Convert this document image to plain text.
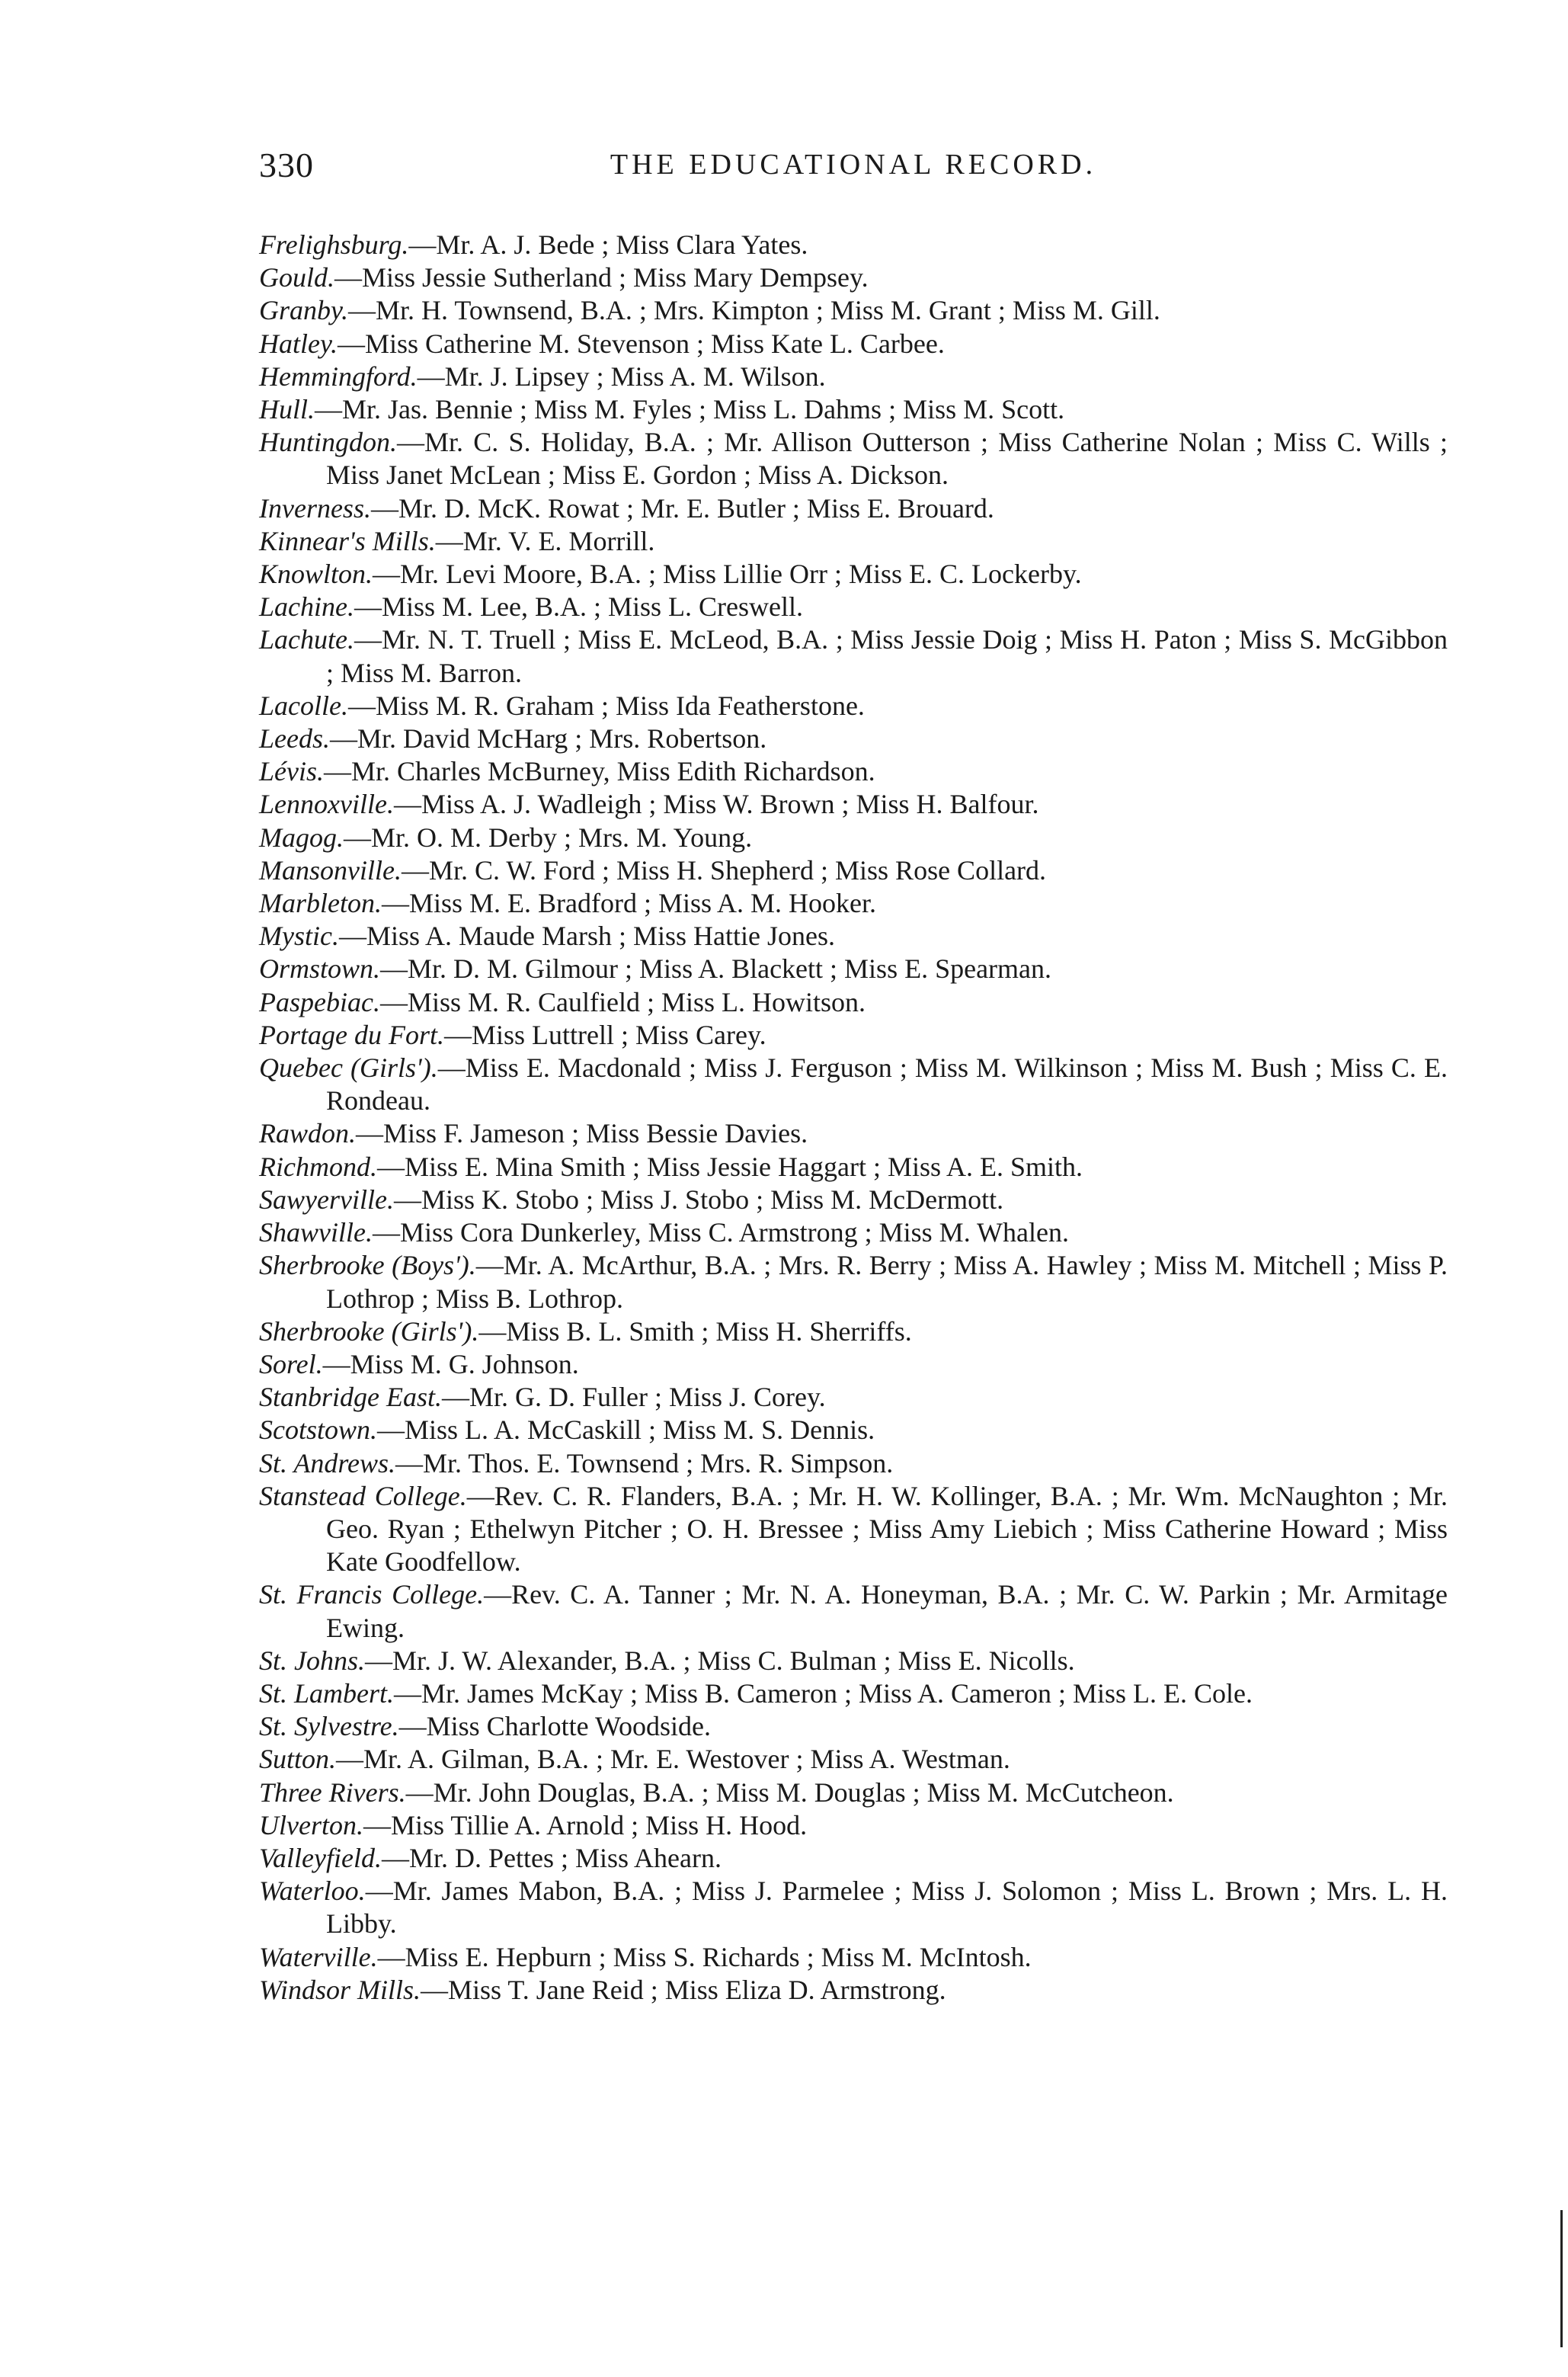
330	THE EDUCATIONAL RECORD.
Frelighsburg.—Mr. A. J. Bede ; Miss Clara Yates.
Gould.—Miss Jessie Sutherland ; Miss Mary Dempsey.
Granby.—Mr. H. Townsend, B.A. ; Mrs. Kimpton ; Miss M. Grant ; Miss M. Gill.
Hatley.—Miss Catherine M. Stevenson ; Miss Kate L. Carbee.
Hemmingford.—Mr. J. Lipsey ; Miss A. M. Wilson.
Hull.—Mr. Jas. Bennie ; Miss M. Fyles ; Miss L. Dahms ; Miss M. Scott.
Huntingdon.—Mr. C. S. Holiday, B.A. ; Mr. Allison Outterson ; Miss Catherine Nolan ; Miss C. Wills ; Miss Janet McLean ; Miss E. Gordon ; Miss A. Dickson.
Inverness.—Mr. D. McK. Rowat ; Mr. E. Butler ; Miss E. Brouard.
Kinnear's Mills.—Mr. V. E. Morrill.
Knowlton.—Mr. Levi Moore, B.A. ; Miss Lillie Orr ; Miss E. C. Lockerby.
Lachine.—Miss M. Lee, B.A. ; Miss L. Creswell.
Lachute.—Mr. N. T. Truell ; Miss E. McLeod, B.A. ; Miss Jessie Doig ; Miss H. Paton ; Miss S. McGibbon ; Miss M. Barron.
Lacolle.—Miss M. R. Graham ; Miss Ida Featherstone.
Leeds.—Mr. David McHarg ; Mrs. Robertson.
Lévis.—Mr. Charles McBurney, Miss Edith Richardson.
Lennoxville.—Miss A. J. Wadleigh ; Miss W. Brown ; Miss H. Balfour.
Magog.—Mr. O. M. Derby ; Mrs. M. Young.
Mansonville.—Mr. C. W. Ford ; Miss H. Shepherd ; Miss Rose Collard.
Marbleton.—Miss M. E. Bradford ; Miss A. M. Hooker.
Mystic.—Miss A. Maude Marsh ; Miss Hattie Jones.
Ormstown.—Mr. D. M. Gilmour ; Miss A. Blackett ; Miss E. Spearman.
Paspebiac.—Miss M. R. Caulfield ; Miss L. Howitson.
Portage du Fort.—Miss Luttrell ; Miss Carey.
Quebec (Girls').—Miss E. Macdonald ; Miss J. Ferguson ; Miss M. Wilkinson ; Miss M. Bush ; Miss C. E. Rondeau.
Rawdon.—Miss F. Jameson ; Miss Bessie Davies.
Richmond.—Miss E. Mina Smith ; Miss Jessie Haggart ; Miss A. E. Smith.
Sawyerville.—Miss K. Stobo ; Miss J. Stobo ; Miss M. McDermott.
Shawville.—Miss Cora Dunkerley, Miss C. Armstrong ; Miss M. Whalen.
Sherbrooke (Boys').—Mr. A. McArthur, B.A. ; Mrs. R. Berry ; Miss A. Hawley ; Miss M. Mitchell ; Miss P. Lothrop ; Miss B. Lothrop.
Sherbrooke (Girls').—Miss B. L. Smith ; Miss H. Sherriffs.
Sorel.—Miss M. G. Johnson.
Stanbridge East.—Mr. G. D. Fuller ; Miss J. Corey.
Scotstown.—Miss L. A. McCaskill ; Miss M. S. Dennis.
St. Andrews.—Mr. Thos. E. Townsend ; Mrs. R. Simpson.
Stanstead College.—Rev. C. R. Flanders, B.A. ; Mr. H. W. Kollinger, B.A. ; Mr. Wm. McNaughton ; Mr. Geo. Ryan ; Ethelwyn Pitcher ; O. H. Bressee ; Miss Amy Liebich ; Miss Catherine Howard ; Miss Kate Goodfellow.
St. Francis College.—Rev. C. A. Tanner ; Mr. N. A. Honeyman, B.A. ; Mr. C. W. Parkin ; Mr. Armitage Ewing.
St. Johns.—Mr. J. W. Alexander, B.A. ; Miss C. Bulman ; Miss E. Nicolls.
St. Lambert.—Mr. James McKay ; Miss B. Cameron ; Miss A. Cameron ; Miss L. E. Cole.
St. Sylvestre.—Miss Charlotte Woodside.
Sutton.—Mr. A. Gilman, B.A. ; Mr. E. Westover ; Miss A. Westman.
Three Rivers.—Mr. John Douglas, B.A. ; Miss M. Douglas ; Miss M. McCutcheon.
Ulverton.—Miss Tillie A. Arnold ; Miss H. Hood.
Valleyfield.—Mr. D. Pettes ; Miss Ahearn.
Waterloo.—Mr. James Mabon, B.A. ; Miss J. Parmelee ; Miss J. Solomon ; Miss L. Brown ; Mrs. L. H. Libby.
Waterville.—Miss E. Hepburn ; Miss S. Richards ; Miss M. McIntosh.
Windsor Mills.—Miss T. Jane Reid ; Miss Eliza D. Armstrong.
